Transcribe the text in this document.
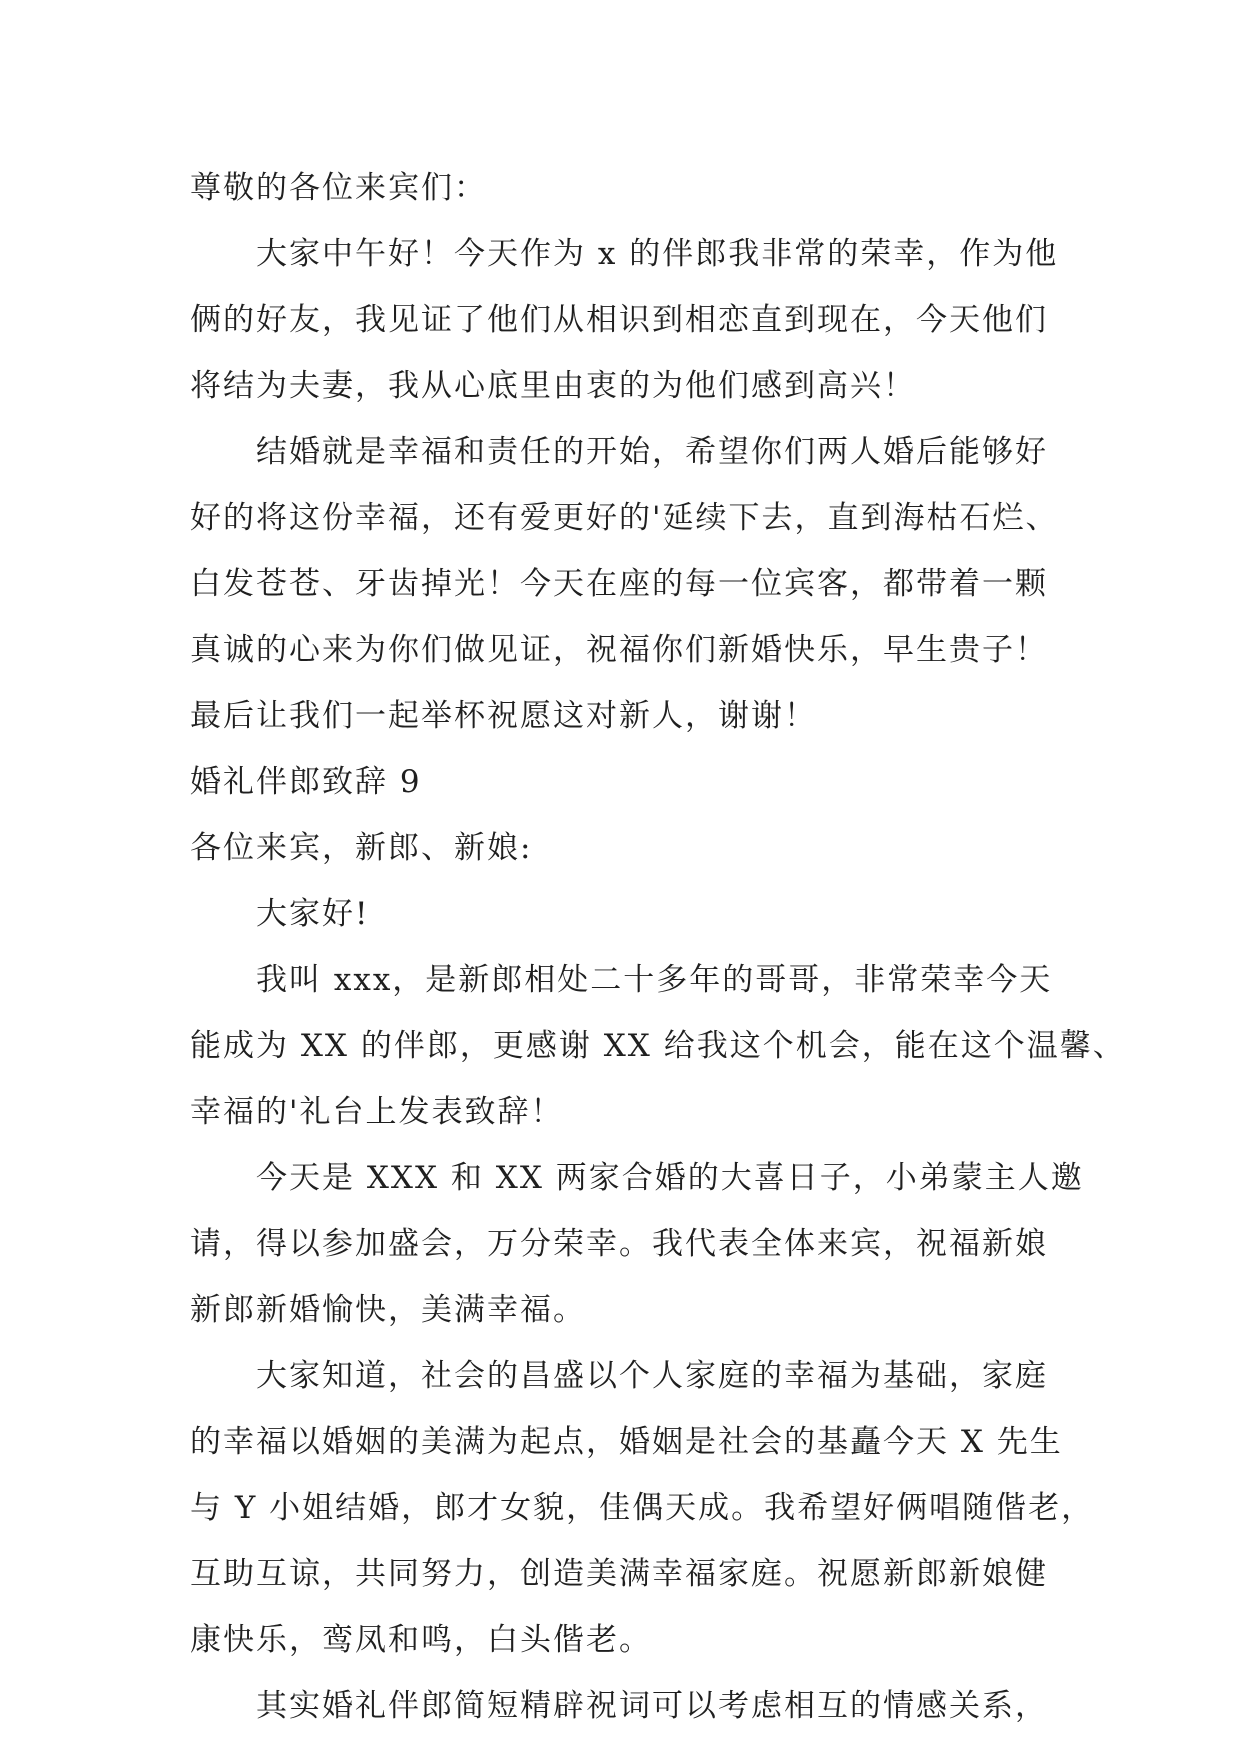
尊敬的各位来宾们：

大家中午好！今天作为 x 的伴郎我非常的荣幸，作为他

俩的好友，我见证了他们从相识到相恋直到现在，今天他们

将结为夫妻，我从心底里由衷的为他们感到高兴！

结婚就是幸福和责任的开始，希望你们两人婚后能够好

好的将这份幸福，还有爱更好的'延续下去，直到海枯石烂、

白发苍苍、牙齿掉光！今天在座的每一位宾客，都带着一颗

真诚的心来为你们做见证，祝福你们新婚快乐，早生贵子！

最后让我们一起举杯祝愿这对新人，谢谢！

婚礼伴郎致辞 9

各位来宾，新郎、新娘:

大家好!

我叫 xxx，是新郎相处二十多年的哥哥，非常荣幸今天

能成为 XX 的伴郎，更感谢 XX 给我这个机会，能在这个温馨、

幸福的'礼台上发表致辞！

今天是 XXX 和 XX 两家合婚的大喜日子，小弟蒙主人邀

请，得以参加盛会，万分荣幸。我代表全体来宾，祝福新娘

新郎新婚愉快，美满幸福。

大家知道，社会的昌盛以个人家庭的幸福为基础，家庭

的幸福以婚姻的美满为起点，婚姻是社会的基矗今天 X 先生

与 Y 小姐结婚，郎才女貌，佳偶天成。我希望好俩唱随偕老，

互助互谅，共同努力，创造美满幸福家庭。祝愿新郎新娘健

康快乐，鸾凤和鸣，白头偕老。

其实婚礼伴郎简短精辟祝词可以考虑相互的情感关系，
